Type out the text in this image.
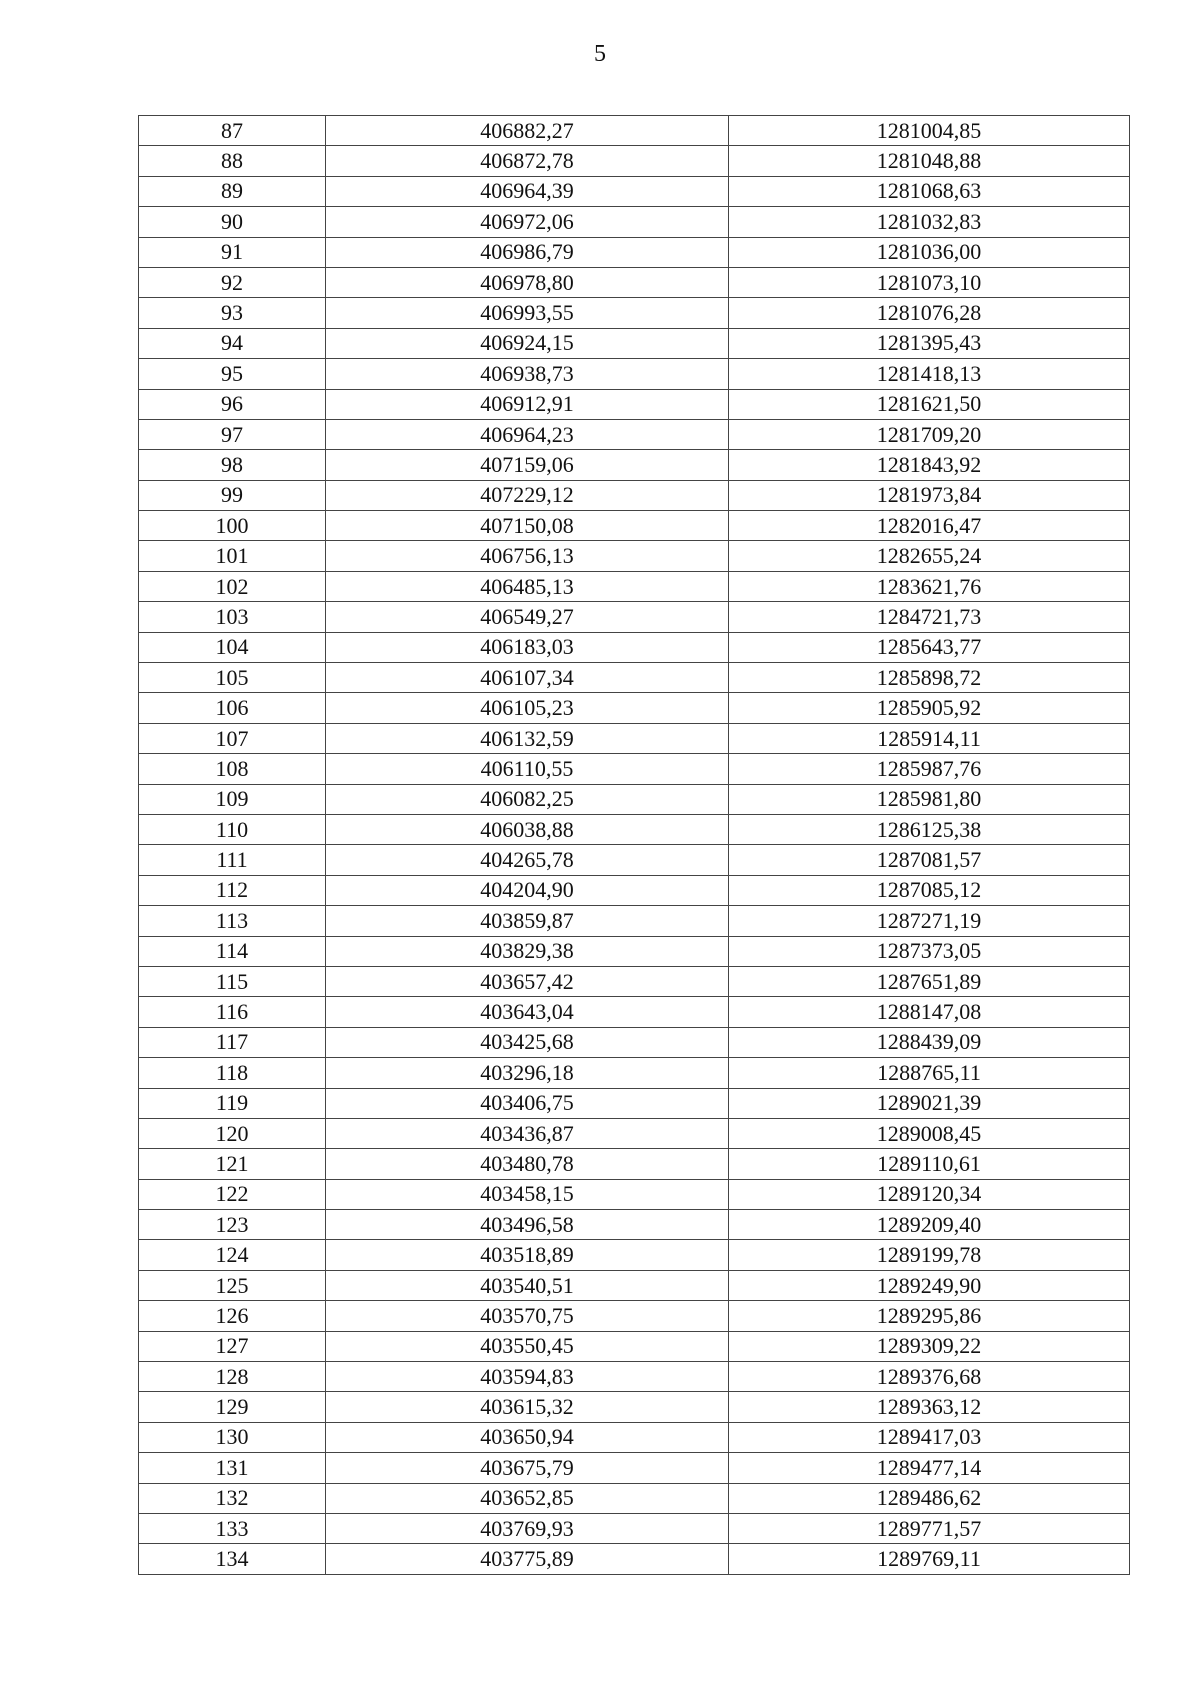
5
87	406882,27	1281004,85
88	406872,78	1281048,88
89	406964,39	1281068,63
90	406972,06	1281032,83
91	406986,79	1281036,00
92	406978,80	1281073,10
93	406993,55	1281076,28
94	406924,15	1281395,43
95	406938,73	1281418,13
96	406912,91	1281621,50
97	406964,23	1281709,20
98	407159,06	1281843,92
99	407229,12	1281973,84
100	407150,08	1282016,47
101	406756,13	1282655,24
102	406485,13	1283621,76
103	406549,27	1284721,73
104	406183,03	1285643,77
105	406107,34	1285898,72
106	406105,23	1285905,92
107	406132,59	1285914,11
108	406110,55	1285987,76
109	406082,25	1285981,80
110	406038,88	1286125,38
111	404265,78	1287081,57
112	404204,90	1287085,12
113	403859,87	1287271,19
114	403829,38	1287373,05
115	403657,42	1287651,89
116	403643,04	1288147,08
117	403425,68	1288439,09
118	403296,18	1288765,11
119	403406,75	1289021,39
120	403436,87	1289008,45
121	403480,78	1289110,61
122	403458,15	1289120,34
123	403496,58	1289209,40
124	403518,89	1289199,78
125	403540,51	1289249,90
126	403570,75	1289295,86
127	403550,45	1289309,22
128	403594,83	1289376,68
129	403615,32	1289363,12
130	403650,94	1289417,03
131	403675,79	1289477,14
132	403652,85	1289486,62
133	403769,93	1289771,57
134	403775,89	1289769,11
